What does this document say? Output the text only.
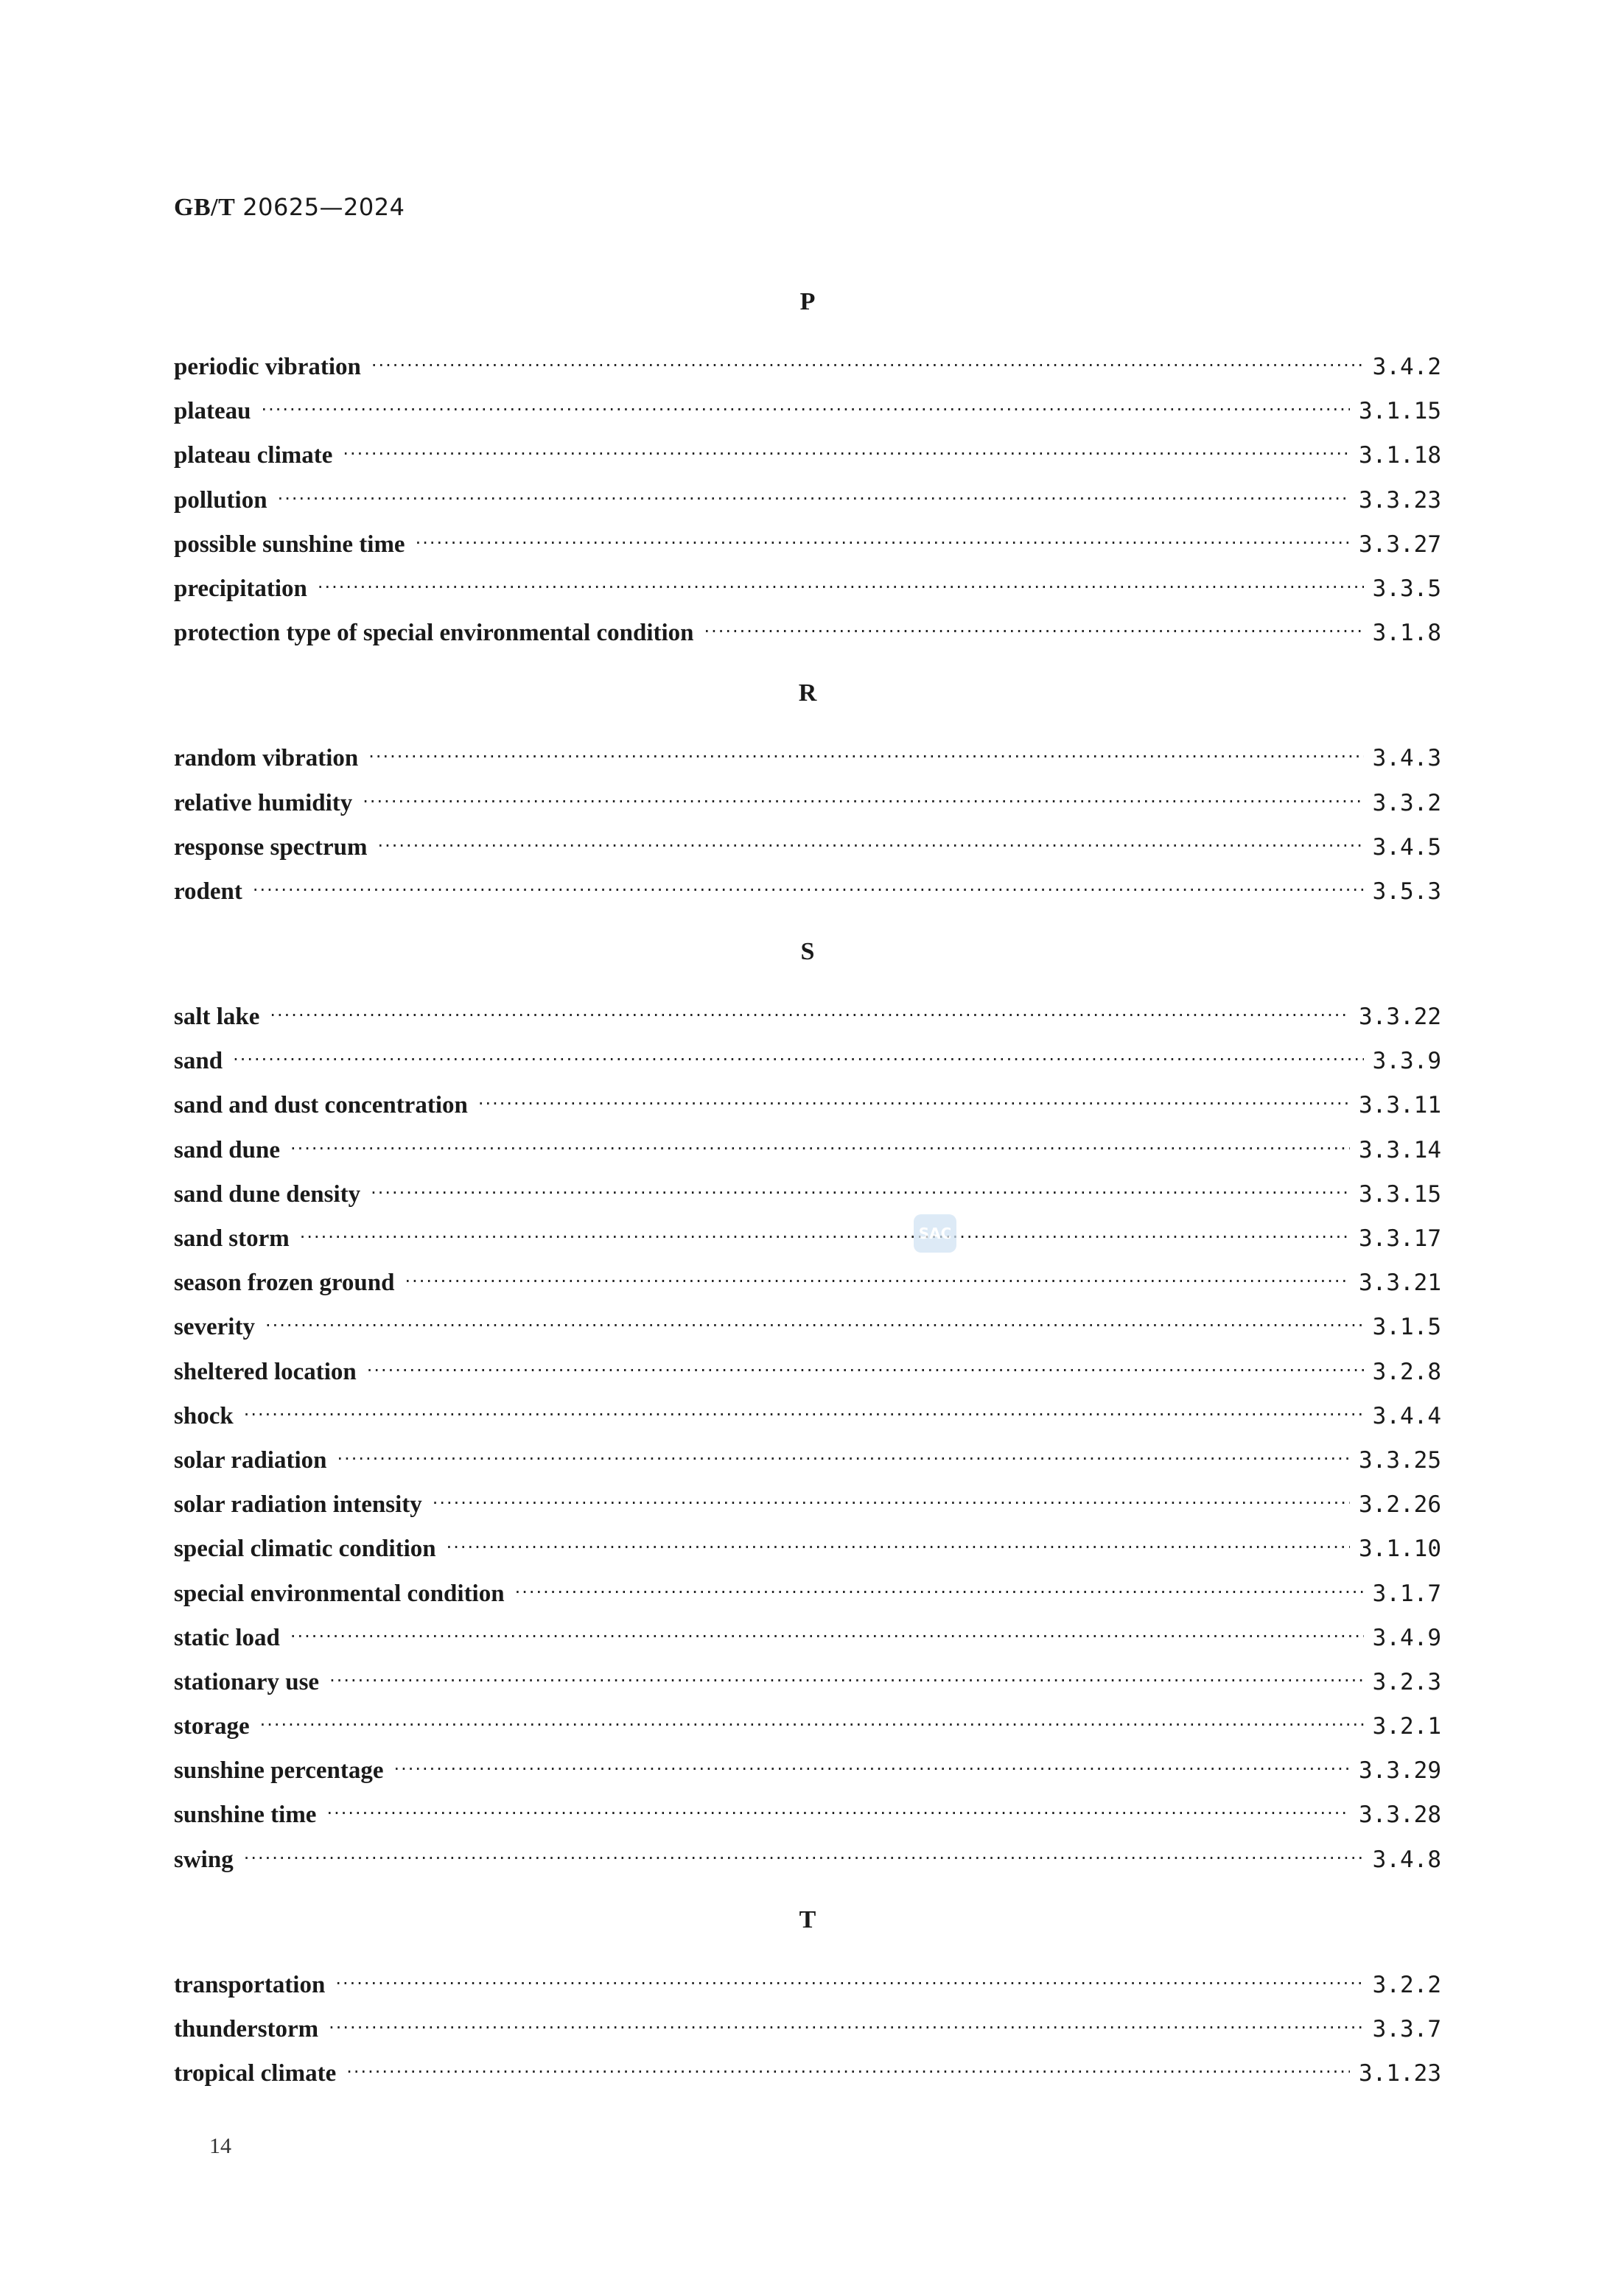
GB/T 20625—2024
P
periodic vibration ·····	3.4.2
plateau ·····	3.1.15
plateau climate ·····	3.1.18
pollution ·····	3.3.23
possible sunshine time ·····	3.3.27
precipitation ·····	3.3.5
protection type of special environmental condition ·····	3.1.8
R
random vibration ·····	3.4.3
relative humidity ·····	3.3.2
response spectrum ·····	3.4.5
rodent ·····	3.5.3
S
salt lake ·····	3.3.22
sand ·····	3.3.9
sand and dust concentration ·····	3.3.11
sand dune ·····	3.3.14
sand dune density ·····	3.3.15
sand storm ·····	3.3.17
season frozen ground ·····	3.3.21
severity ·····	3.1.5
sheltered location ·····	3.2.8
shock ·····	3.4.4
solar radiation ·····	3.3.25
solar radiation intensity ·····	3.2.26
special climatic condition ·····	3.1.10
special environmental condition ·····	3.1.7
static load ·····	3.4.9
stationary use ·····	3.2.3
storage ·····	3.2.1
sunshine percentage ·····	3.3.29
sunshine time ·····	3.3.28
swing ·····	3.4.8
T
transportation ·····	3.2.2
thunderstorm ·····	3.3.7
tropical climate ·····	3.1.23
SAC
14
